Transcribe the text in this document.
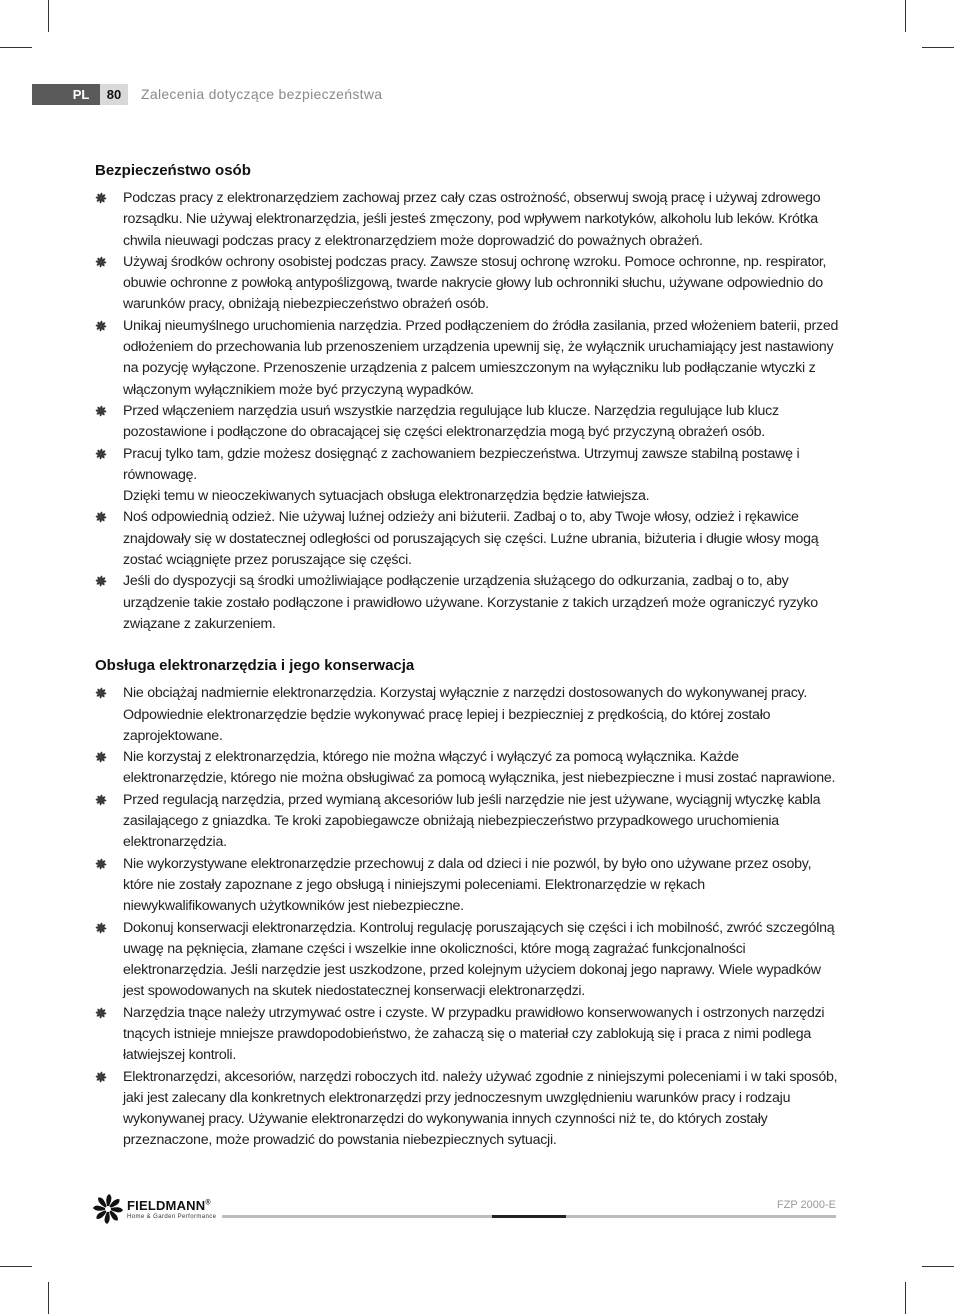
PL	80	Zalecenia dotyczące bezpieczeństwa
Bezpieczeństwo osób
Podczas pracy z elektronarzędziem zachowaj przez cały czas ostrożność, obserwuj swoją pracę i używaj zdrowego rozsądku. Nie używaj elektronarzędzia, jeśli jesteś zmęczony, pod wpływem narkotyków, alkoholu lub leków. Krótka chwila nieuwagi podczas pracy z elektronarzędziem może doprowadzić do poważnych obrażeń.
Używaj środków ochrony osobistej podczas pracy. Zawsze stosuj ochronę wzroku. Pomoce ochronne, np. respirator, obuwie ochronne z powłoką antypoślizgową, twarde nakrycie głowy lub ochronniki słuchu, używane odpowiednio do warunków pracy, obniżają niebezpieczeństwo obrażeń osób.
Unikaj nieumyślnego uruchomienia narzędzia. Przed podłączeniem do źródła zasilania, przed włożeniem baterii, przed odłożeniem do przechowania lub przenoszeniem urządzenia upewnij się, że wyłącznik uruchamiający jest nastawiony na pozycję wyłączone. Przenoszenie urządzenia z palcem umieszczonym na wyłączniku lub podłączanie wtyczki z włączonym wyłącznikiem może być przyczyną wypadków.
Przed włączeniem narzędzia usuń wszystkie narzędzia regulujące lub klucze. Narzędzia regulujące lub klucz pozostawione i podłączone do obracającej się części elektronarzędzia mogą być przyczyną obrażeń osób.
Pracuj tylko tam, gdzie możesz dosięgnąć z zachowaniem bezpieczeństwa. Utrzymuj zawsze stabilną postawę i równowagę.
Dzięki temu w nieoczekiwanych sytuacjach obsługa elektronarzędzia będzie łatwiejsza.
Noś odpowiednią odzież. Nie używaj luźnej odzieży ani biżuterii. Zadbaj o to, aby Twoje włosy, odzież i rękawice znajdowały się w dostatecznej odległości od poruszających się części. Luźne ubrania, biżuteria i długie włosy mogą zostać wciągnięte przez poruszające się części.
Jeśli do dyspozycji są środki umożliwiające podłączenie urządzenia służącego do odkurzania, zadbaj o to, aby urządzenie takie zostało podłączone i prawidłowo używane. Korzystanie z takich urządzeń może ograniczyć ryzyko związane z zakurzeniem.
Obsługa elektronarzędzia i jego konserwacja
Nie obciążaj nadmiernie elektronarzędzia. Korzystaj wyłącznie z narzędzi dostosowanych do wykonywanej pracy. Odpowiednie elektronarzędzie będzie wykonywać pracę lepiej i bezpieczniej z prędkością, do której zostało zaprojektowane.
Nie korzystaj z elektronarzędzia, którego nie można włączyć i wyłączyć za pomocą wyłącznika. Każde elektronarzędzie, którego nie można obsługiwać za pomocą wyłącznika, jest niebezpieczne i musi zostać naprawione.
Przed regulacją narzędzia, przed wymianą akcesoriów lub jeśli narzędzie nie jest używane, wyciągnij wtyczkę kabla zasilającego z gniazdka. Te kroki zapobiegawcze obniżają niebezpieczeństwo przypadkowego uruchomienia elektronarzędzia.
Nie wykorzystywane elektronarzędzie przechowuj z dala od dzieci i nie pozwól, by było ono używane przez osoby, które nie zostały zapoznane z jego obsługą i niniejszymi poleceniami. Elektronarzędzie w rękach niewykwalifikowanych użytkowników jest niebezpieczne.
Dokonuj konserwacji elektronarzędzia. Kontroluj regulację poruszających się części i ich mobilność, zwróć szczególną uwagę na pęknięcia, złamane części i wszelkie inne okoliczności, które mogą zagrażać funkcjonalności elektronarzędzia. Jeśli narzędzie jest uszkodzone, przed kolejnym użyciem dokonaj jego naprawy. Wiele wypadków jest spowodowanych na skutek niedostatecznej konserwacji elektronarzędzi.
Narzędzia tnące należy utrzymywać ostre i czyste. W przypadku prawidłowo konserwowanych i ostrzonych narzędzi tnących istnieje mniejsze prawdopodobieństwo, że zahaczą się o materiał czy zablokują się i praca z nimi podlega łatwiejszej kontroli.
Elektronarzędzi, akcesoriów, narzędzi roboczych itd. należy używać zgodnie z niniejszymi poleceniami i w taki sposób, jaki jest zalecany dla konkretnych elektronarzędzi przy jednoczesnym uwzględnieniu warunków pracy i rodzaju wykonywanej pracy. Używanie elektronarzędzi do wykonywania innych czynności niż te, do których zostały przeznaczone, może prowadzić do powstania niebezpiecznych sytuacji.
FIELDMANN®
Home & Garden Performance
FZP 2000-E
